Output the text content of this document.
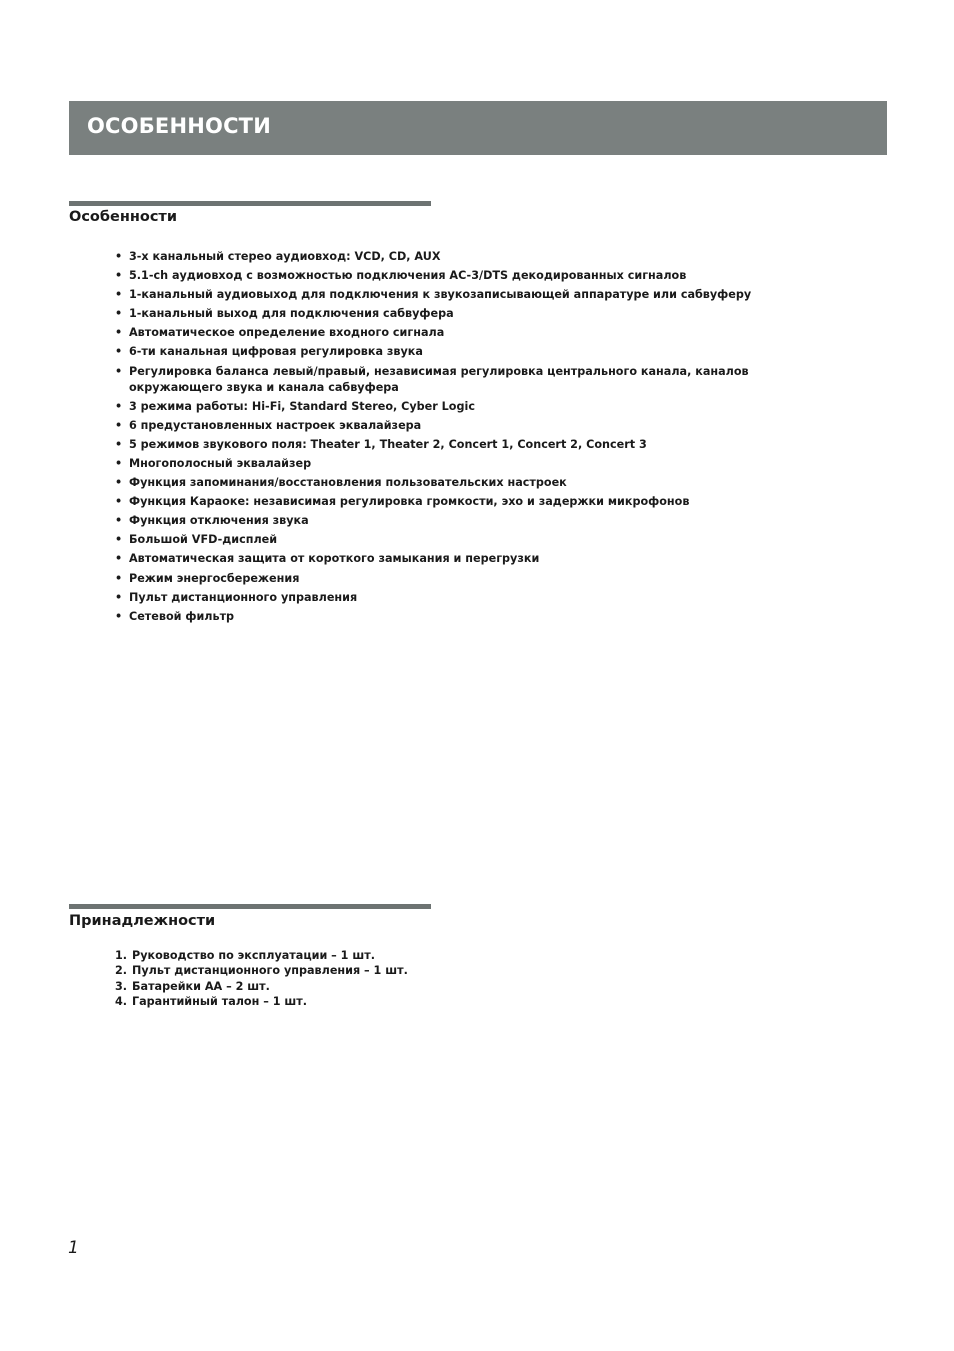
ОСОБЕННОСТИ
Особенности
• 3-х канальный стерео аудиовход: VCD, CD, AUX
• 5.1-ch аудиовход с возможностью подключения AC-3/DTS декодированных сигналов
• 1-канальный аудиовыход для подключения к звукозаписывающей аппаратуре или сабвуферу
• 1-канальный выход для подключения сабвуфера
• Автоматическое определение входного сигнала
• 6-ти канальная цифровая регулировка звука
• Регулировка баланса левый/правый, независимая регулировка центрального канала, каналов окружающего звука и канала сабвуфера
• 3 режима работы: Hi-Fi, Standard Stereo, Cyber Logic
• 6 предустановленных настроек эквалайзера
• 5 режимов звукового поля: Theater 1, Theater 2, Concert 1, Concert 2, Concert 3
• Многополосный эквалайзер
• Функция запоминания/восстановления пользовательских настроек
• Функция Караоке: независимая регулировка громкости, эхо и задержки микрофонов
• Функция отключения звука
• Большой VFD-дисплей
• Автоматическая защита от короткого замыкания и перегрузки
• Режим энергосбережения
• Пульт дистанционного управления
• Сетевой фильтр
Принадлежности
1. Руководство по эксплуатации – 1 шт.
2. Пульт дистанционного управления – 1 шт.
3. Батарейки AA – 2 шт.
4. Гарантийный талон – 1 шт.
1
